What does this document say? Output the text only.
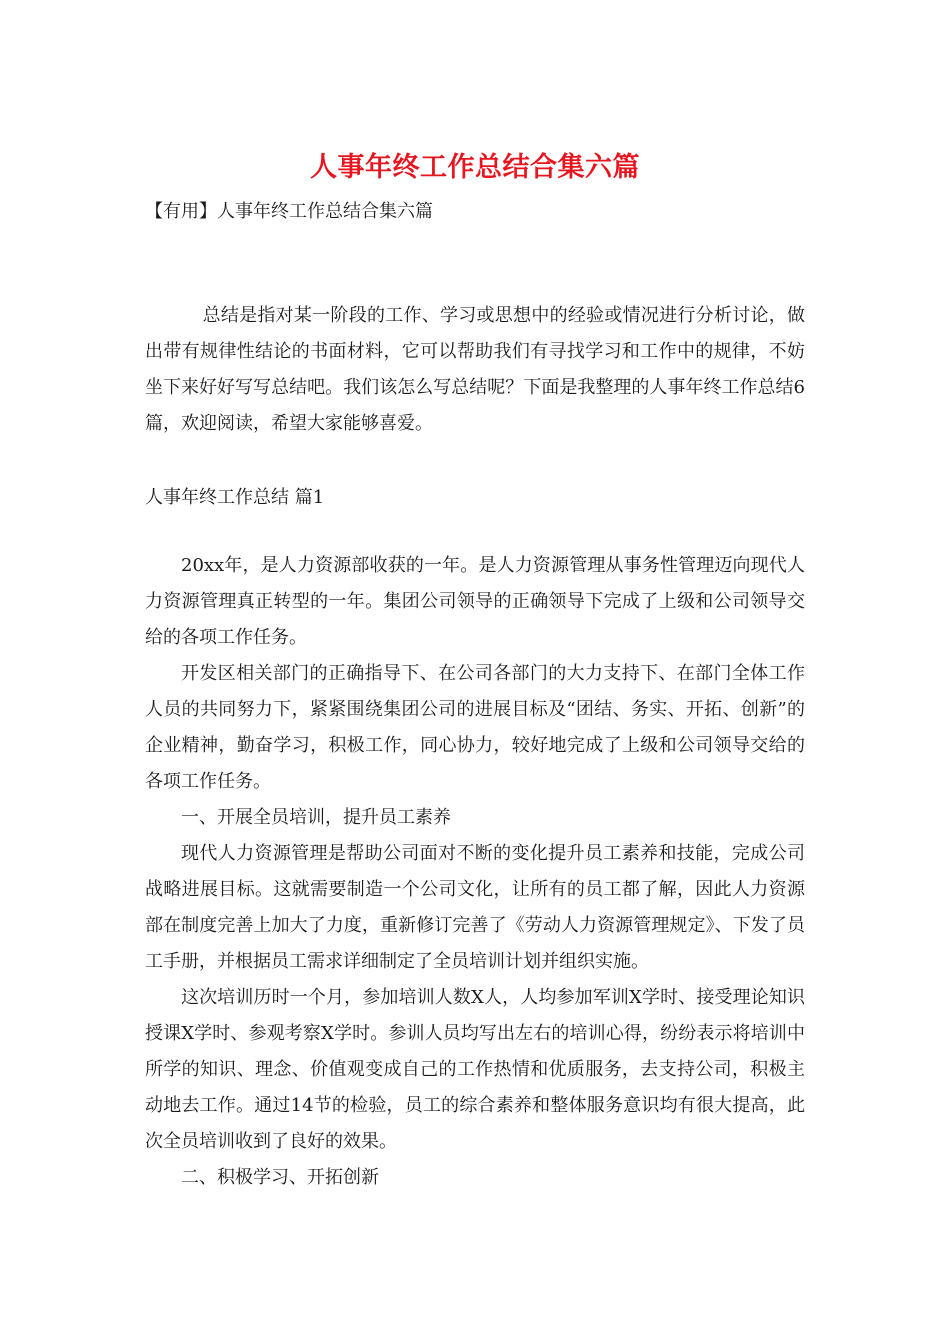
人事年终工作总结合集六篇
【有用】人事年终工作总结合集六篇

总结是指对某一阶段的工作、学习或思想中的经验或情况进行分析讨论，做出带有规律性结论的书面材料，它可以帮助我们有寻找学习和工作中的规律，不妨坐下来好好写写总结吧。我们该怎么写总结呢？下面是我整理的人事年终工作总结6篇，欢迎阅读，希望大家能够喜爱。

人事年终工作总结 篇1

20xx年，是人力资源部收获的一年。是人力资源管理从事务性管理迈向现代人力资源管理真正转型的一年。集团公司领导的正确领导下完成了上级和公司领导交给的各项工作任务。

开发区相关部门的正确指导下、在公司各部门的大力支持下、在部门全体工作人员的共同努力下，紧紧围绕集团公司的进展目标及“团结、务实、开拓、创新”的企业精神，勤奋学习，积极工作，同心协力，较好地完成了上级和公司领导交给的各项工作任务。

一、开展全员培训，提升员工素养

现代人力资源管理是帮助公司面对不断的变化提升员工素养和技能，完成公司战略进展目标。这就需要制造一个公司文化，让所有的员工都了解，因此人力资源部在制度完善上加大了力度，重新修订完善了《劳动人力资源管理规定》、下发了员工手册，并根据员工需求详细制定了全员培训计划并组织实施。

这次培训历时一个月，参加培训人数X人，人均参加军训X学时、接受理论知识授课X学时、参观考察X学时。参训人员均写出左右的培训心得，纷纷表示将培训中所学的知识、理念、价值观变成自己的工作热情和优质服务，去支持公司，积极主动地去工作。通过14节的检验，员工的综合素养和整体服务意识均有很大提高，此次全员培训收到了良好的效果。

二、积极学习、开拓创新
